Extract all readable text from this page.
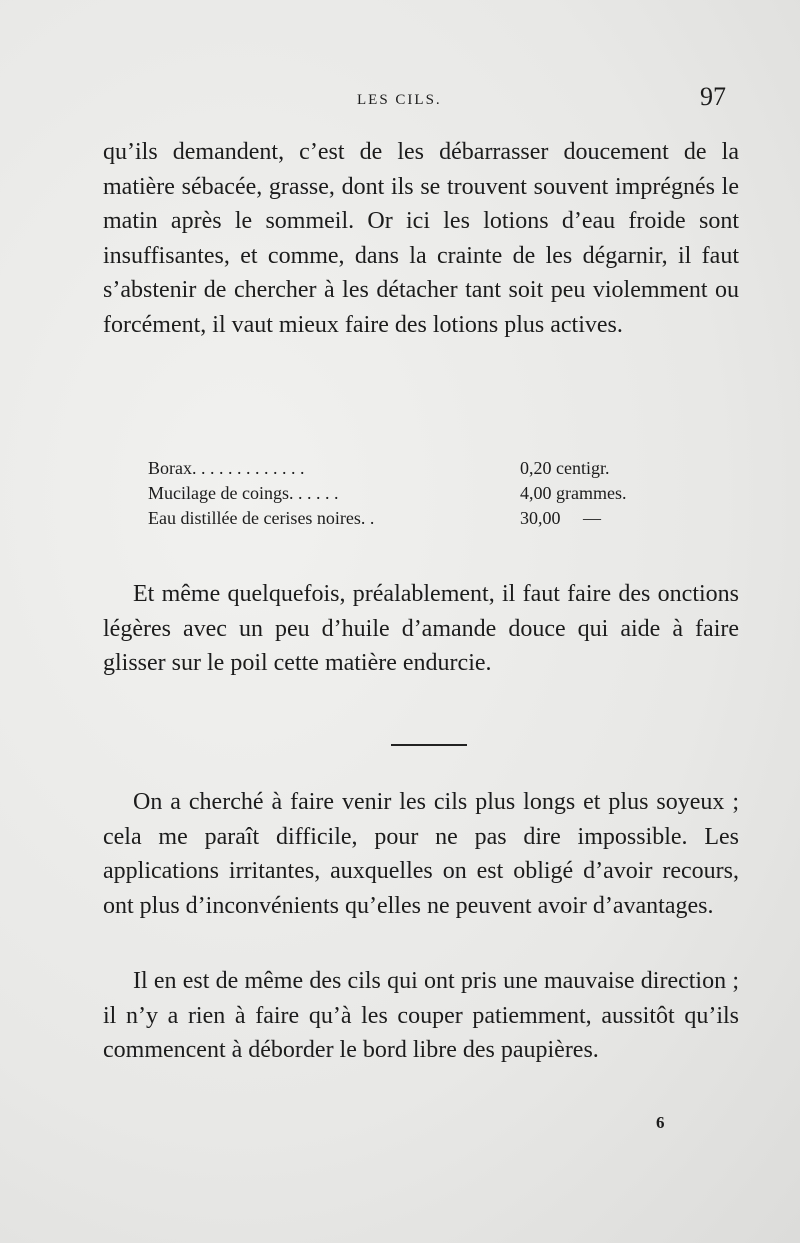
LES CILS.	97

qu’ils demandent, c’est de les débarrasser doucement de la matière sébacée, grasse, dont ils se trouvent souvent imprégnés le matin après le sommeil. Or ici les lotions d’eau froide sont insuffisantes, et comme, dans la crainte de les dégarnir, il faut s’abstenir de chercher à les détacher tant soit peu violemment ou forcément, il vaut mieux faire des lotions plus actives.

Borax. . . . . . . . . . . . .	0,20 centigr.
Mucilage de coings. . . . . .	4,00 grammes.
Eau distillée de cerises noires. .	30,00     —

Et même quelquefois, préalablement, il faut faire des onctions légères avec un peu d’huile d’amande douce qui aide à faire glisser sur le poil cette matière endurcie.

On a cherché à faire venir les cils plus longs et plus soyeux ; cela me paraît difficile, pour ne pas dire impossible. Les applications irritantes, auxquelles on est obligé d’avoir recours, ont plus d’inconvénients qu’elles ne peuvent avoir d’avantages.

Il en est de même des cils qui ont pris une mauvaise direction ; il n’y a rien à faire qu’à les couper patiemment, aussitôt qu’ils commencent à déborder le bord libre des paupières.

6
